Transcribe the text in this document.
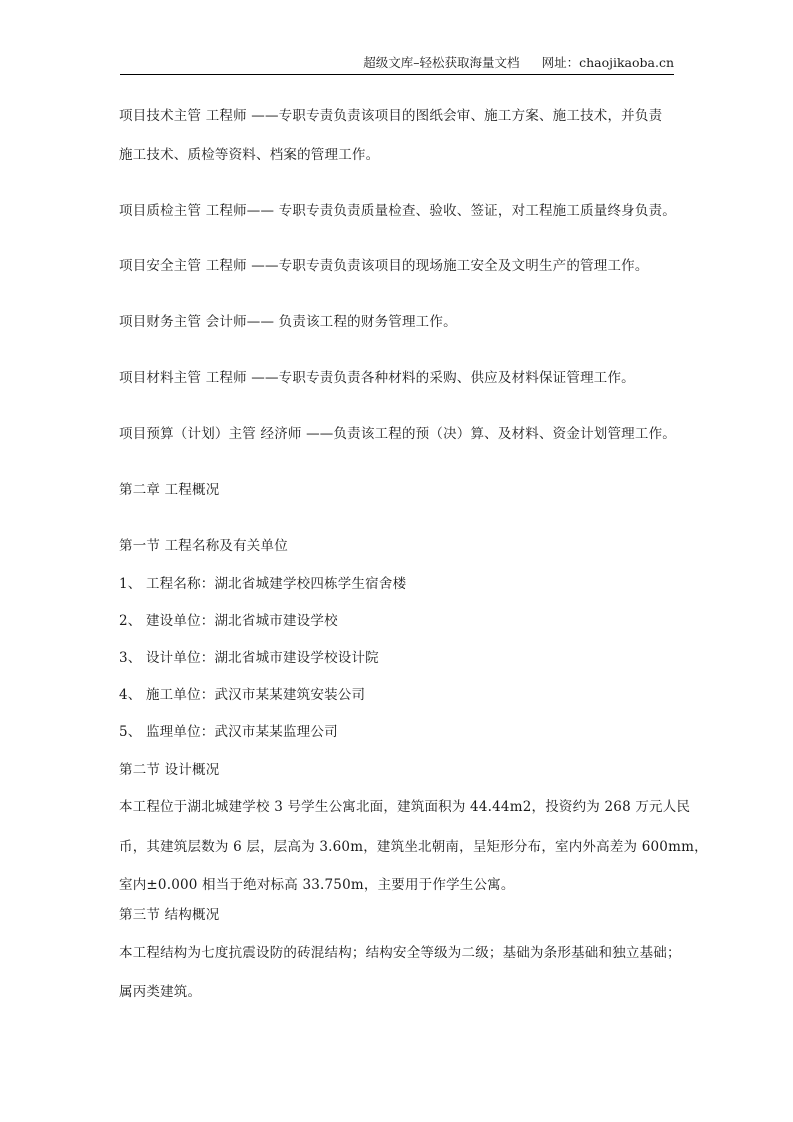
超级文库–轻松获取海量文档 网址：chaojikaoba.cn
项目技术主管 工程师 ——专职专责负责该项目的图纸会审、施工方案、施工技术，并负责
施工技术、质检等资料、档案的管理工作。
项目质检主管 工程师—— 专职专责负责质量检查、验收、签证，对工程施工质量终身负责。
项目安全主管 工程师 ——专职专责负责该项目的现场施工安全及文明生产的管理工作。
项目财务主管 会计师—— 负责该工程的财务管理工作。
项目材料主管 工程师 ——专职专责负责各种材料的采购、供应及材料保证管理工作。
项目预算（计划）主管 经济师 ——负责该工程的预（决）算、及材料、资金计划管理工作。
第二章 工程概况
第一节 工程名称及有关单位
1、 工程名称：湖北省城建学校四栋学生宿舍楼
2、 建设单位：湖北省城市建设学校
3、 设计单位：湖北省城市建设学校设计院
4、 施工单位：武汉市某某建筑安装公司
5、 监理单位：武汉市某某监理公司
第二节 设计概况
本工程位于湖北城建学校 3 号学生公寓北面，建筑面积为 44.44m2，投资约为 268 万元人民
币，其建筑层数为 6 层，层高为 3.60m，建筑坐北朝南，呈矩形分布，室内外高差为 600mm，
室内±0.000 相当于绝对标高 33.750m，主要用于作学生公寓。
第三节 结构概况
本工程结构为七度抗震设防的砖混结构；结构安全等级为二级；基础为条形基础和独立基础；
属丙类建筑。
